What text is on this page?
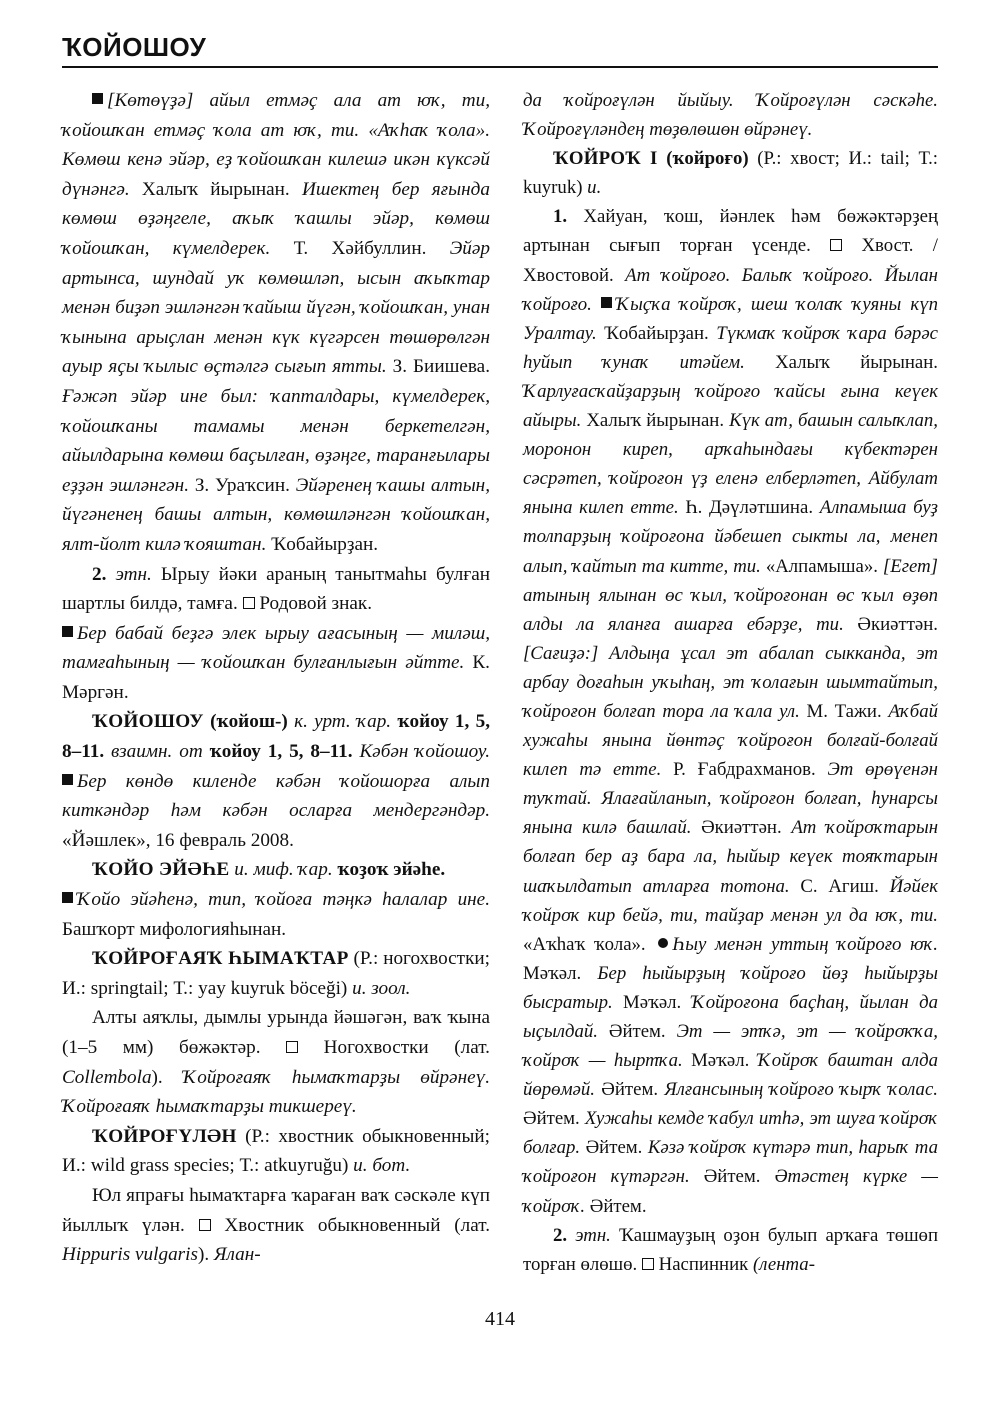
ҠОЙОШОУ

[Көтөүҙә] айыл етмәҫ ала ат юҡ, ти, ҡойошҡан етмәҫ ҡола ат юҡ, ти. «Аҡһаҡ ҡола». Көмөш кенә эйәр, еҙ ҡойошҡан килешә икән күксәй дүнәнгә. Халыҡ йырынан. Ишектең бер яғында көмөш өҙәңгеле, аҡыҡ ҡашлы эйәр, көмөш ҡойошҡан, күмелдерек. Т. Хәйбуллин. Эйәр артынса, шундай уҡ көмөшләп, ысын аҡыҡтар менән биҙәп эшләнгән ҡайыш йүгән, ҡойошҡан, унан ҡынына арыҫлан менән күк күгәрсен төшөрөлгән ауыр яҫы ҡылыс өҫтәлгә сығып ятты. З. Биишева. Ғәжәп эйәр ине был: ҡапталдары, күмелдерек, ҡойошҡаны тамамы менән беркетелгән, айылдарына көмөш баҫылған, өҙәңге, таранғылары еҙҙән эшләнгән. З. Ураҡсин. Эйәренең ҡашы алтын, йүгәненең башы алтын, көмөшләнгән ҡойошҡан, ялт-йолт килә ҡояштан. Ҡобайырҙан.

2. этн. Ырыу йәки араның танытмаһы булған шартлы билдә, тамға.  Родовой знак.

Бер бабай беҙгә элек ырыу ағасының — миләш, тамғаһының — ҡойошҡан булғанлығын әйтте. К. Мәргән.

ҠОЙОШОУ (ҡойош-) к. урт. ҡар. ҡойоу 1, 5, 8–11. взаимн. от ҡойоу 1, 5, 8–11. Кәбән ҡойошоу. Бер көндө киленде кәбән ҡойошорға алып киткәндәр һәм кәбән осларға мендергәндәр. «Йәшлек», 16 февраль 2008.

ҠОЙО ЭЙӘҺЕ и. миф. ҡар. ҡоҙоҡ эйәһе.
Ҡойо эйәһенә, тип, ҡойоға тәңкә һалалар ине. Башҡорт мифологияһынан.

ҠОЙРОҒАЯҠ ҺЫМАҠТАР (Р.: ногохвостки; И.: springtail; Т.: yay kuyruk böceği) и. зоол.

Алты аяҡлы, дымлы урында йәшәгән, ваҡ ҡына (1–5 мм) бөжәктәр.  Ногохвостки (лат. Collembola). Ҡойроғаяҡ һымаҡтарҙы өйрәнеү. Ҡойроғаяҡ һымаҡтарҙы тикшереү.

ҠОЙРОҒҮЛӘН (Р.: хвостник обыкновенный; И.: wild grass species; Т.: atkuyruğu) и. бот.

Юл япрағы һымаҡтарға ҡараған ваҡ сәскәле күп йыллыҡ үлән.  Хвостник обыкновенный (лат. Hippuris vulgaris). Ялан-

да ҡойроғүлән йыйыу. Ҡойроғүлән сәскәһе. Ҡойроғүләндең төҙөлөшөн өйрәнеү.

ҠОЙРОҠ I (ҡойроғо) (Р.: хвост; И.: tail; Т.: kuyruk) и.

1. Хайуан, ҡош, йәнлек һәм бөжәктәрҙең артынан сығып торған үсенде.  Хвост. / Хвостовой. Ат ҡойроғо. Балыҡ ҡойроғо. Йылан ҡойроғо. Ҡыҫҡа ҡойроҡ, шеш ҡолаҡ ҡуяны күп Уралтау. Ҡобайырҙан. Түкмаҡ ҡойроҡ ҡара бәрәс һуйып ҡунаҡ итәйем. Халыҡ йырынан. Ҡарлуғасҡайҙарҙың ҡойроғо ҡайсы ғына кеүек айыры. Халыҡ йырынан. Күк ат, башын салыҡлап, моронон киреп, арҡаһындағы күбектәрен сәсрәтеп, ҡойроғон үҙ еленә елберләтеп, Айбулат янына килеп етте. Һ. Дәүләтшина. Алпамыша буҙ толпарҙың ҡойроғона йәбешеп сыкты ла, менеп алып, ҡайтып та китте, ти. «Алпамыша». [Егет] атының ялынан өс ҡыл, ҡойроғонан өс ҡыл өҙөп алды ла яланға ашарға ебәрҙе, ти. Әкиәттән. [Сағиҙә:] Алдыңа ұсал эт абалап сыкканда, эт арбау доғаһын уҡыһаң, эт ҡолағын шымтайтып, ҡойроғон болғап тора ла ҡала ул. М. Тажи. Аҡбай хужаһы янына йөнтәҫ ҡойроғон болғай-болғай килеп тә етте. Р. Ғабдрахманов. Эт өрөүенән туҡтай. Ялағайланып, ҡойроғон болғап, һунарсы янына килә башлай. Әкиәттән. Ат ҡойроҡтарын болғап бер аҙ бара ла, һыйыр кеүек тояҡтарын шаҡылдатып атларға тотона. С. Агиш. Йәйек ҡойроҡ кир бейә, ти, тайҙар менән ул да юҡ, ти. «Аҡһаҡ ҡола». Һыу менән уттың ҡойроғо юҡ. Мәҡәл. Бер һыйырҙың ҡойроғо йөҙ һыйырҙы бысратыр. Мәҡәл. Ҡойроғона баҫһаң, йылан да ыҫылдай. Әйтем. Эт — этҡә, эт — ҡойроҡҡа, ҡойроҡ — һыртҡа. Мәҡәл. Ҡойроҡ баштан алда йөрөмәй. Әйтем. Ялғансының ҡойроғо ҡырҡ ҡолас. Әйтем. Хужаһы кемде ҡабул итһә, эт шуға ҡойроҡ болғар. Әйтем. Кәзә ҡойроҡ күтәрә тип, һарыҡ та ҡойроғон күтәргән. Әйтем. Әтәстең күрке — ҡойроҡ. Әйтем.

2. этн. Ҡашмауҙың оҙон булып арҡаға төшөп торған өлөшө.  Наспинник (лента-

414
